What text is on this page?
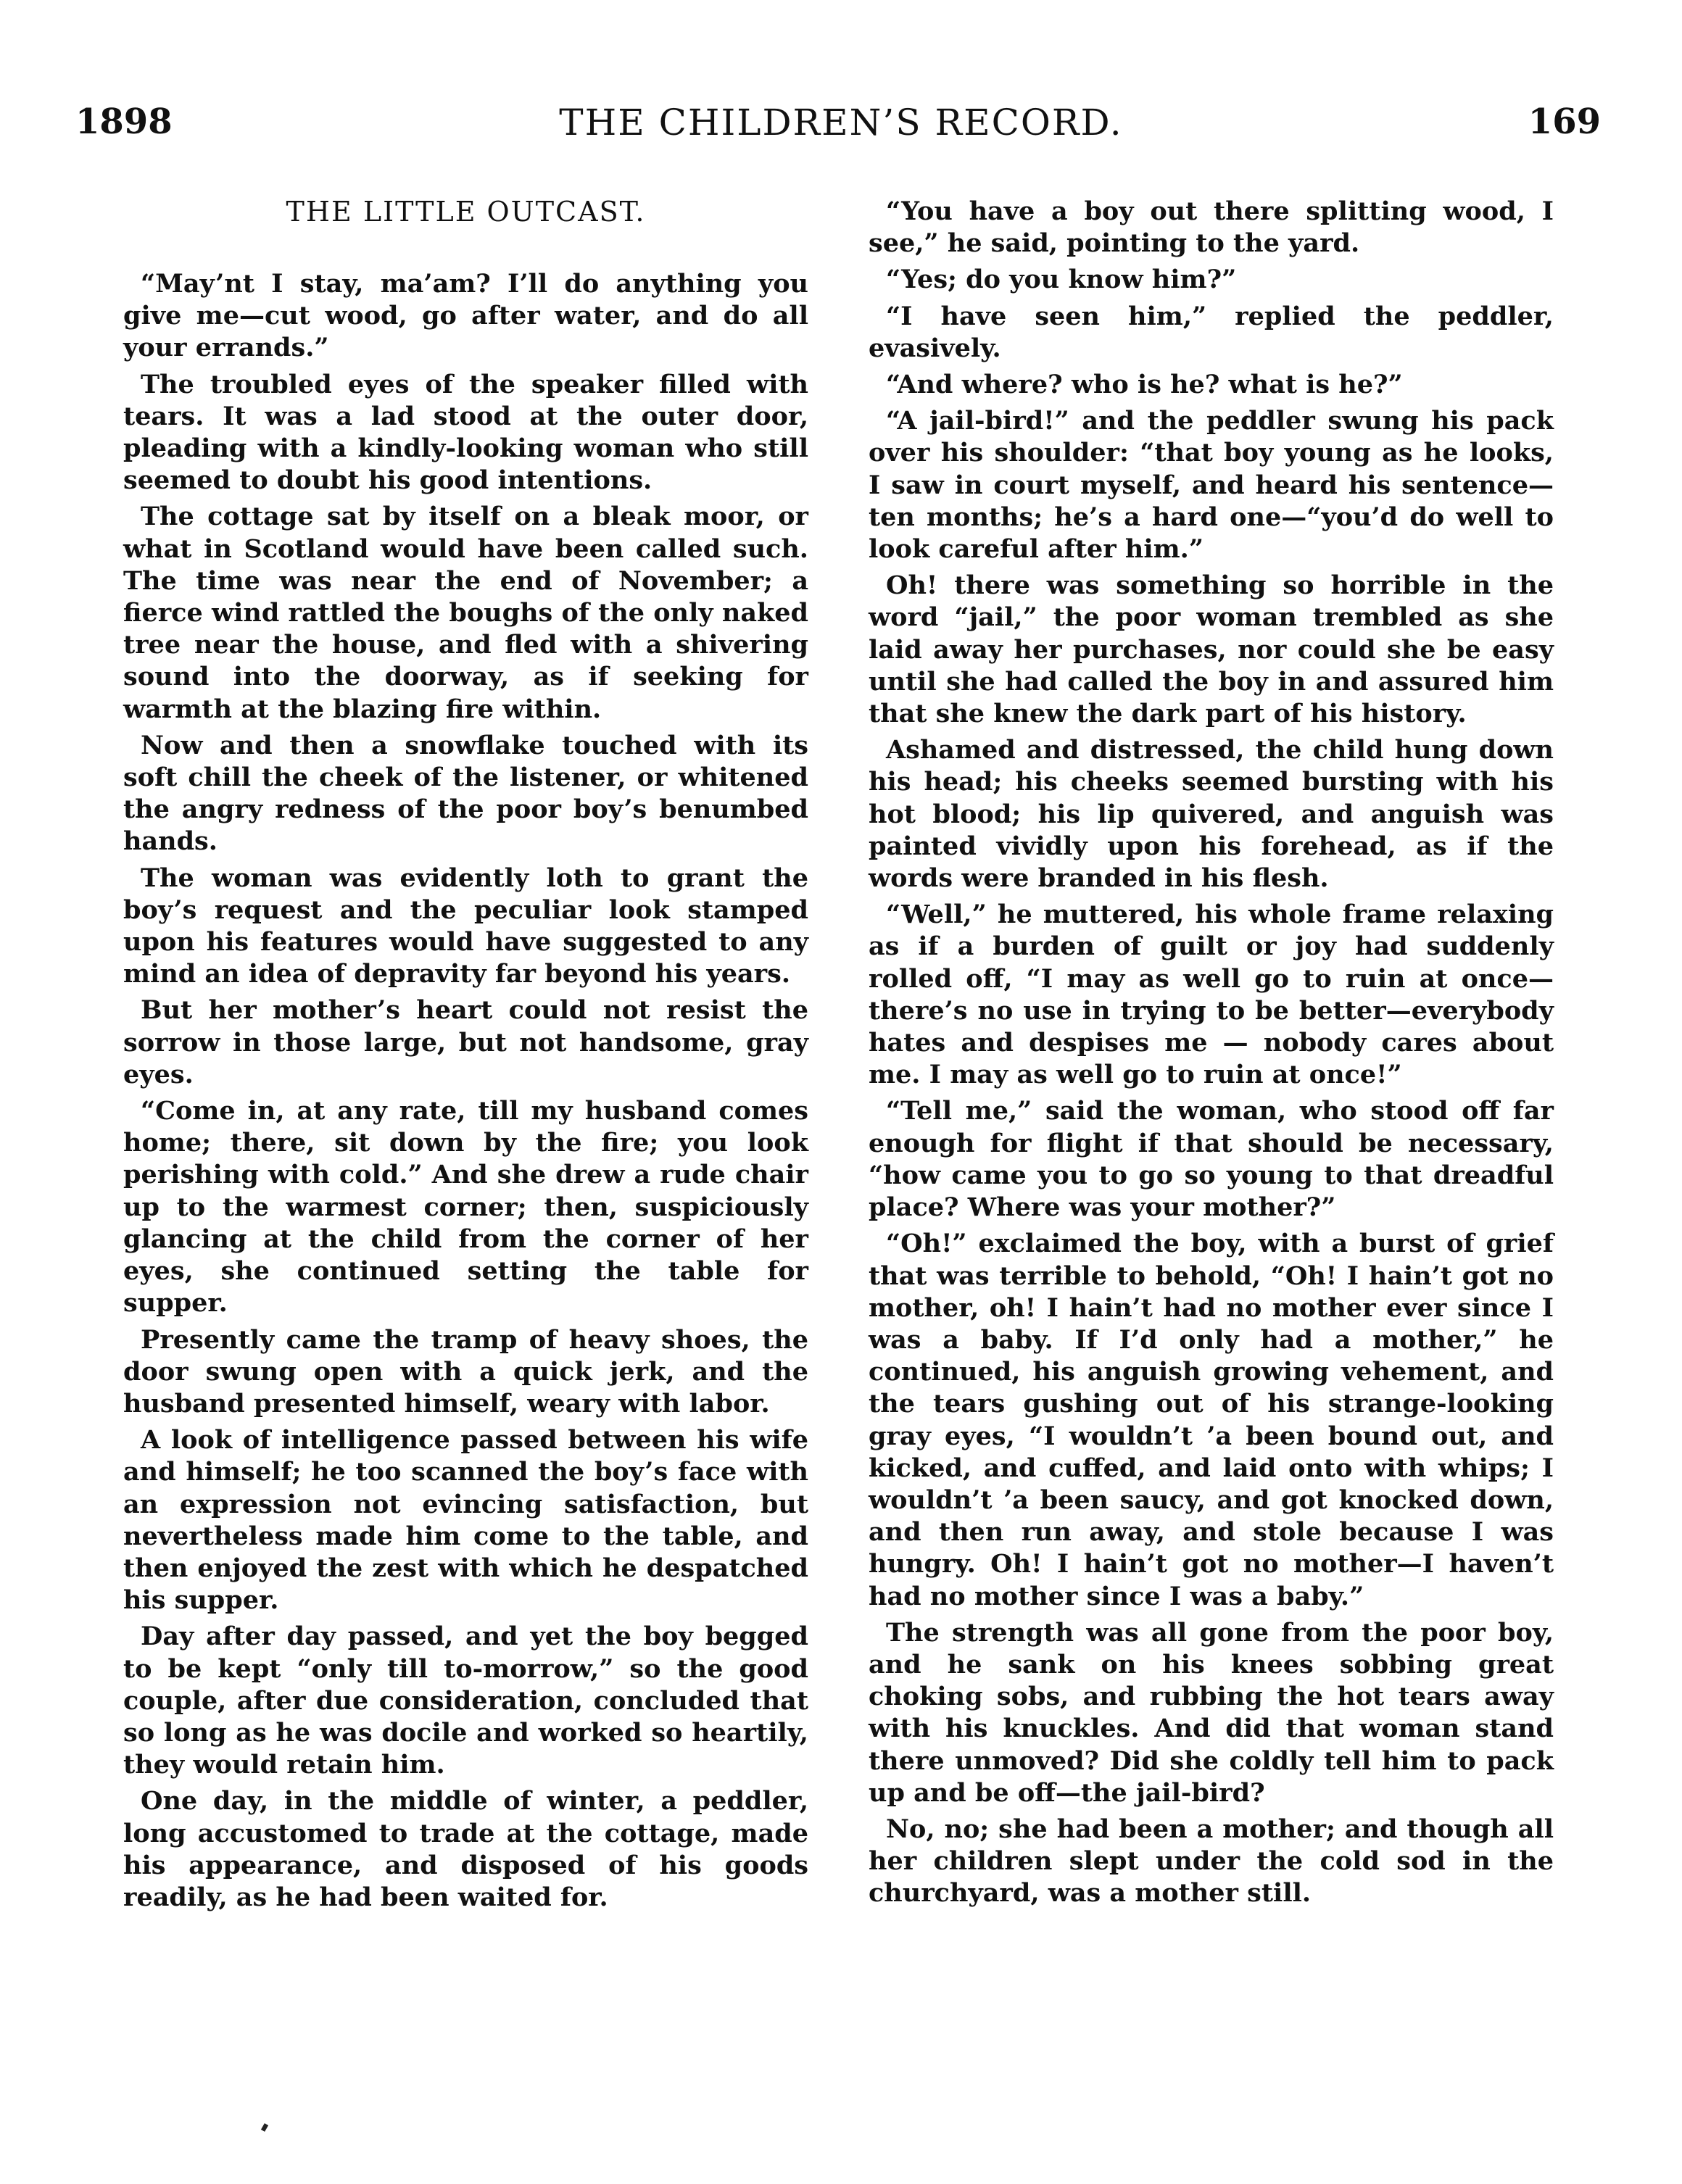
1898	THE CHILDREN’S RECORD.	169
THE LITTLE OUTCAST.

“May’nt I stay, ma’am? I’ll do anything you give me—cut wood, go after water, and do all your errands.”

The troubled eyes of the speaker filled with tears. It was a lad stood at the outer door, pleading with a kindly-looking woman who still seemed to doubt his good intentions.

The cottage sat by itself on a bleak moor, or what in Scotland would have been called such. The time was near the end of November; a fierce wind rattled the boughs of the only naked tree near the house, and fled with a shivering sound into the doorway, as if seeking for warmth at the blazing fire within.

Now and then a snowflake touched with its soft chill the cheek of the listener, or whitened the angry redness of the poor boy’s benumbed hands.

The woman was evidently loth to grant the boy’s request and the peculiar look stamped upon his features would have suggested to any mind an idea of depravity far beyond his years.

But her mother’s heart could not resist the sorrow in those large, but not handsome, gray eyes.

“Come in, at any rate, till my husband comes home; there, sit down by the fire; you look perishing with cold.” And she drew a rude chair up to the warmest corner; then, suspiciously glancing at the child from the corner of her eyes, she continued setting the table for supper.

Presently came the tramp of heavy shoes, the door swung open with a quick jerk, and the husband presented himself, weary with labor.

A look of intelligence passed between his wife and himself; he too scanned the boy’s face with an expression not evincing satisfaction, but nevertheless made him come to the table, and then enjoyed the zest with which he despatched his supper.

Day after day passed, and yet the boy begged to be kept “only till to-morrow,” so the good couple, after due consideration, concluded that so long as he was docile and worked so heartily, they would retain him.

One day, in the middle of winter, a peddler, long accustomed to trade at the cottage, made his appearance, and disposed of his goods readily, as he had been waited for.

“You have a boy out there splitting wood, I see,” he said, pointing to the yard.

“Yes; do you know him?”

“I have seen him,” replied the peddler, evasively.

“And where? who is he? what is he?”

“A jail-bird!” and the peddler swung his pack over his shoulder: “that boy young as he looks, I saw in court myself, and heard his sentence—ten months; he’s a hard one—“you’d do well to look careful after him.”

Oh! there was something so horrible in the word “jail,” the poor woman trembled as she laid away her purchases, nor could she be easy until she had called the boy in and assured him that she knew the dark part of his history.

Ashamed and distressed, the child hung down his head; his cheeks seemed bursting with his hot blood; his lip quivered, and anguish was painted vividly upon his forehead, as if the words were branded in his flesh.

“Well,” he muttered, his whole frame relaxing as if a burden of guilt or joy had suddenly rolled off, “I may as well go to ruin at once—there’s no use in trying to be better—everybody hates and despises me — nobody cares about me. I may as well go to ruin at once!”

“Tell me,” said the woman, who stood off far enough for flight if that should be necessary, “how came you to go so young to that dreadful place? Where was your mother?”

“Oh!” exclaimed the boy, with a burst of grief that was terrible to behold, “Oh! I hain’t got no mother, oh! I hain’t had no mother ever since I was a baby. If I’d only had a mother,” he continued, his anguish growing vehement, and the tears gushing out of his strange-looking gray eyes, “I wouldn’t ’a been bound out, and kicked, and cuffed, and laid onto with whips; I wouldn’t ’a been saucy, and got knocked down, and then run away, and stole because I was hungry. Oh! I hain’t got no mother—I haven’t had no mother since I was a baby.”

The strength was all gone from the poor boy, and he sank on his knees sobbing great choking sobs, and rubbing the hot tears away with his knuckles. And did that woman stand there unmoved? Did she coldly tell him to pack up and be off—the jail-bird?

No, no; she had been a mother; and though all her children slept under the cold sod in the churchyard, was a mother still.
